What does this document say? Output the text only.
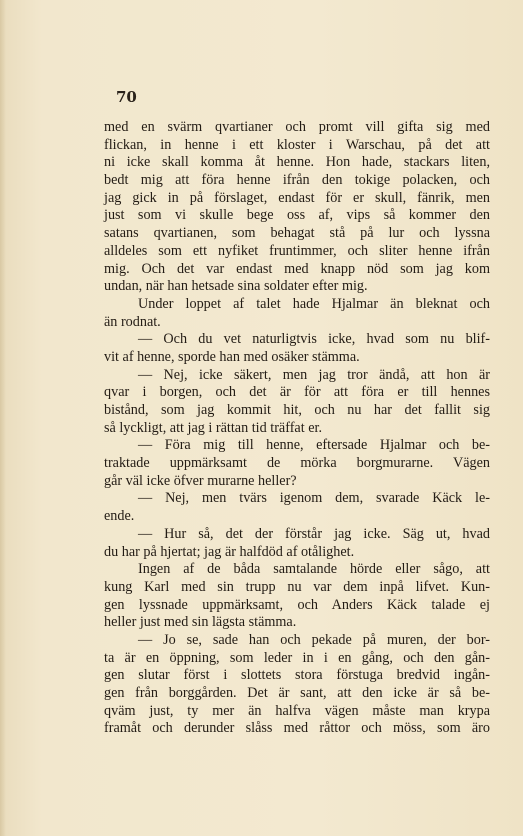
70
med en svärm qvartianer och promt vill gifta sig med
flickan, in henne i ett kloster i Warschau, på det att
ni icke skall komma åt henne. Hon hade, stackars liten,
bedt mig att föra henne ifrån den tokige polacken, och
jag gick in på förslaget, endast för er skull, fänrik, men
just som vi skulle bege oss af, vips så kommer den
satans qvartianen, som behagat stå på lur och lyssna
alldeles som ett nyfiket fruntimmer, och sliter henne ifrån
mig. Och det var endast med knapp nöd som jag kom
undan, när han hetsade sina soldater efter mig.
Under loppet af talet hade Hjalmar än bleknat och
än rodnat.
— Och du vet naturligtvis icke, hvad som nu blif-
vit af henne, sporde han med osäker stämma.
— Nej, icke säkert, men jag tror ändå, att hon är
qvar i borgen, och det är för att föra er till hennes
bistånd, som jag kommit hit, och nu har det fallit sig
så lyckligt, att jag i rättan tid träffat er.
— Föra mig till henne, eftersade Hjalmar och be-
traktade uppmärksamt de mörka borgmurarne. Vägen
går väl icke öfver murarne heller?
— Nej, men tvärs igenom dem, svarade Käck le-
ende.
— Hur så, det der förstår jag icke. Säg ut, hvad
du har på hjertat; jag är halfdöd af otålighet.
Ingen af de båda samtalande hörde eller sågo, att
kung Karl med sin trupp nu var dem inpå lifvet. Kun-
gen lyssnade uppmärksamt, och Anders Käck talade ej
heller just med sin lägsta stämma.
— Jo se, sade han och pekade på muren, der bor-
ta är en öppning, som leder in i en gång, och den gån-
gen slutar först i slottets stora förstuga bredvid ingån-
gen från borggården. Det är sant, att den icke är så be-
qväm just, ty mer än halfva vägen måste man krypa
framåt och derunder slåss med råttor och möss, som äro
